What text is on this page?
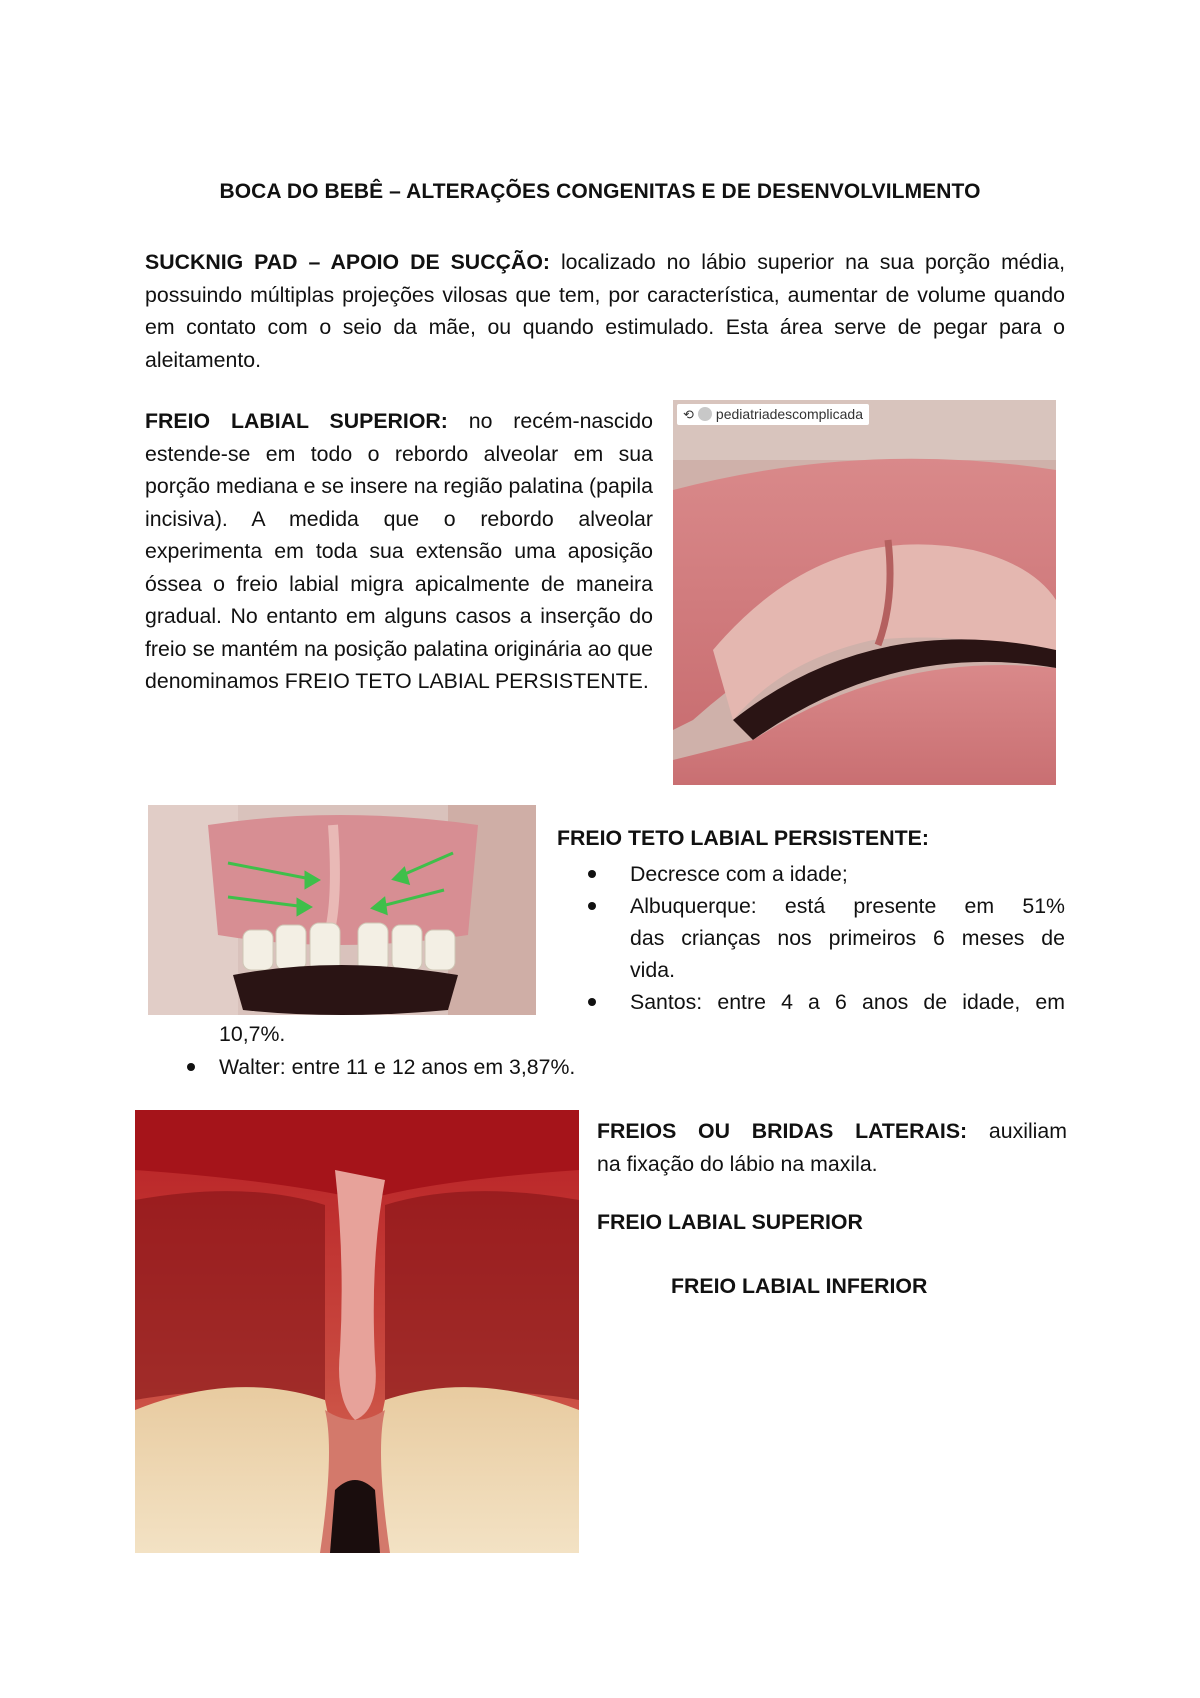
BOCA DO BEBÊ – ALTERAÇÕES CONGENITAS E DE DESENVOLVILMENTO
SUCKNIG PAD – APOIO DE SUCÇÃO: localizado no lábio superior na sua porção média, possuindo múltiplas projeções vilosas que tem, por característica, aumentar de volume quando em contato com o seio da mãe, ou quando estimulado. Esta área serve de pegar para o aleitamento.
FREIO LABIAL SUPERIOR: no recém-nascido estende-se em todo o rebordo alveolar em sua porção mediana e se insere na região palatina (papila incisiva). A medida que o rebordo alveolar experimenta em toda sua extensão uma aposição óssea o freio labial migra apicalmente de maneira gradual. No entanto em alguns casos a inserção do freio se mantém na posição palatina originária ao que denominamos FREIO TETO LABIAL PERSISTENTE.
⟲ pediatriadescomplicada
FREIO TETO LABIAL PERSISTENTE:
Decresce com a idade;
Albuquerque: está presente em 51%
das crianças nos primeiros 6 meses de
vida.
Santos: entre 4 a 6 anos de idade, em
10,7%.
Walter: entre 11 e 12 anos em 3,87%.
FREIOS OU BRIDAS LATERAIS: auxiliam
na fixação do lábio na maxila.
FREIO LABIAL SUPERIOR
FREIO LABIAL INFERIOR
